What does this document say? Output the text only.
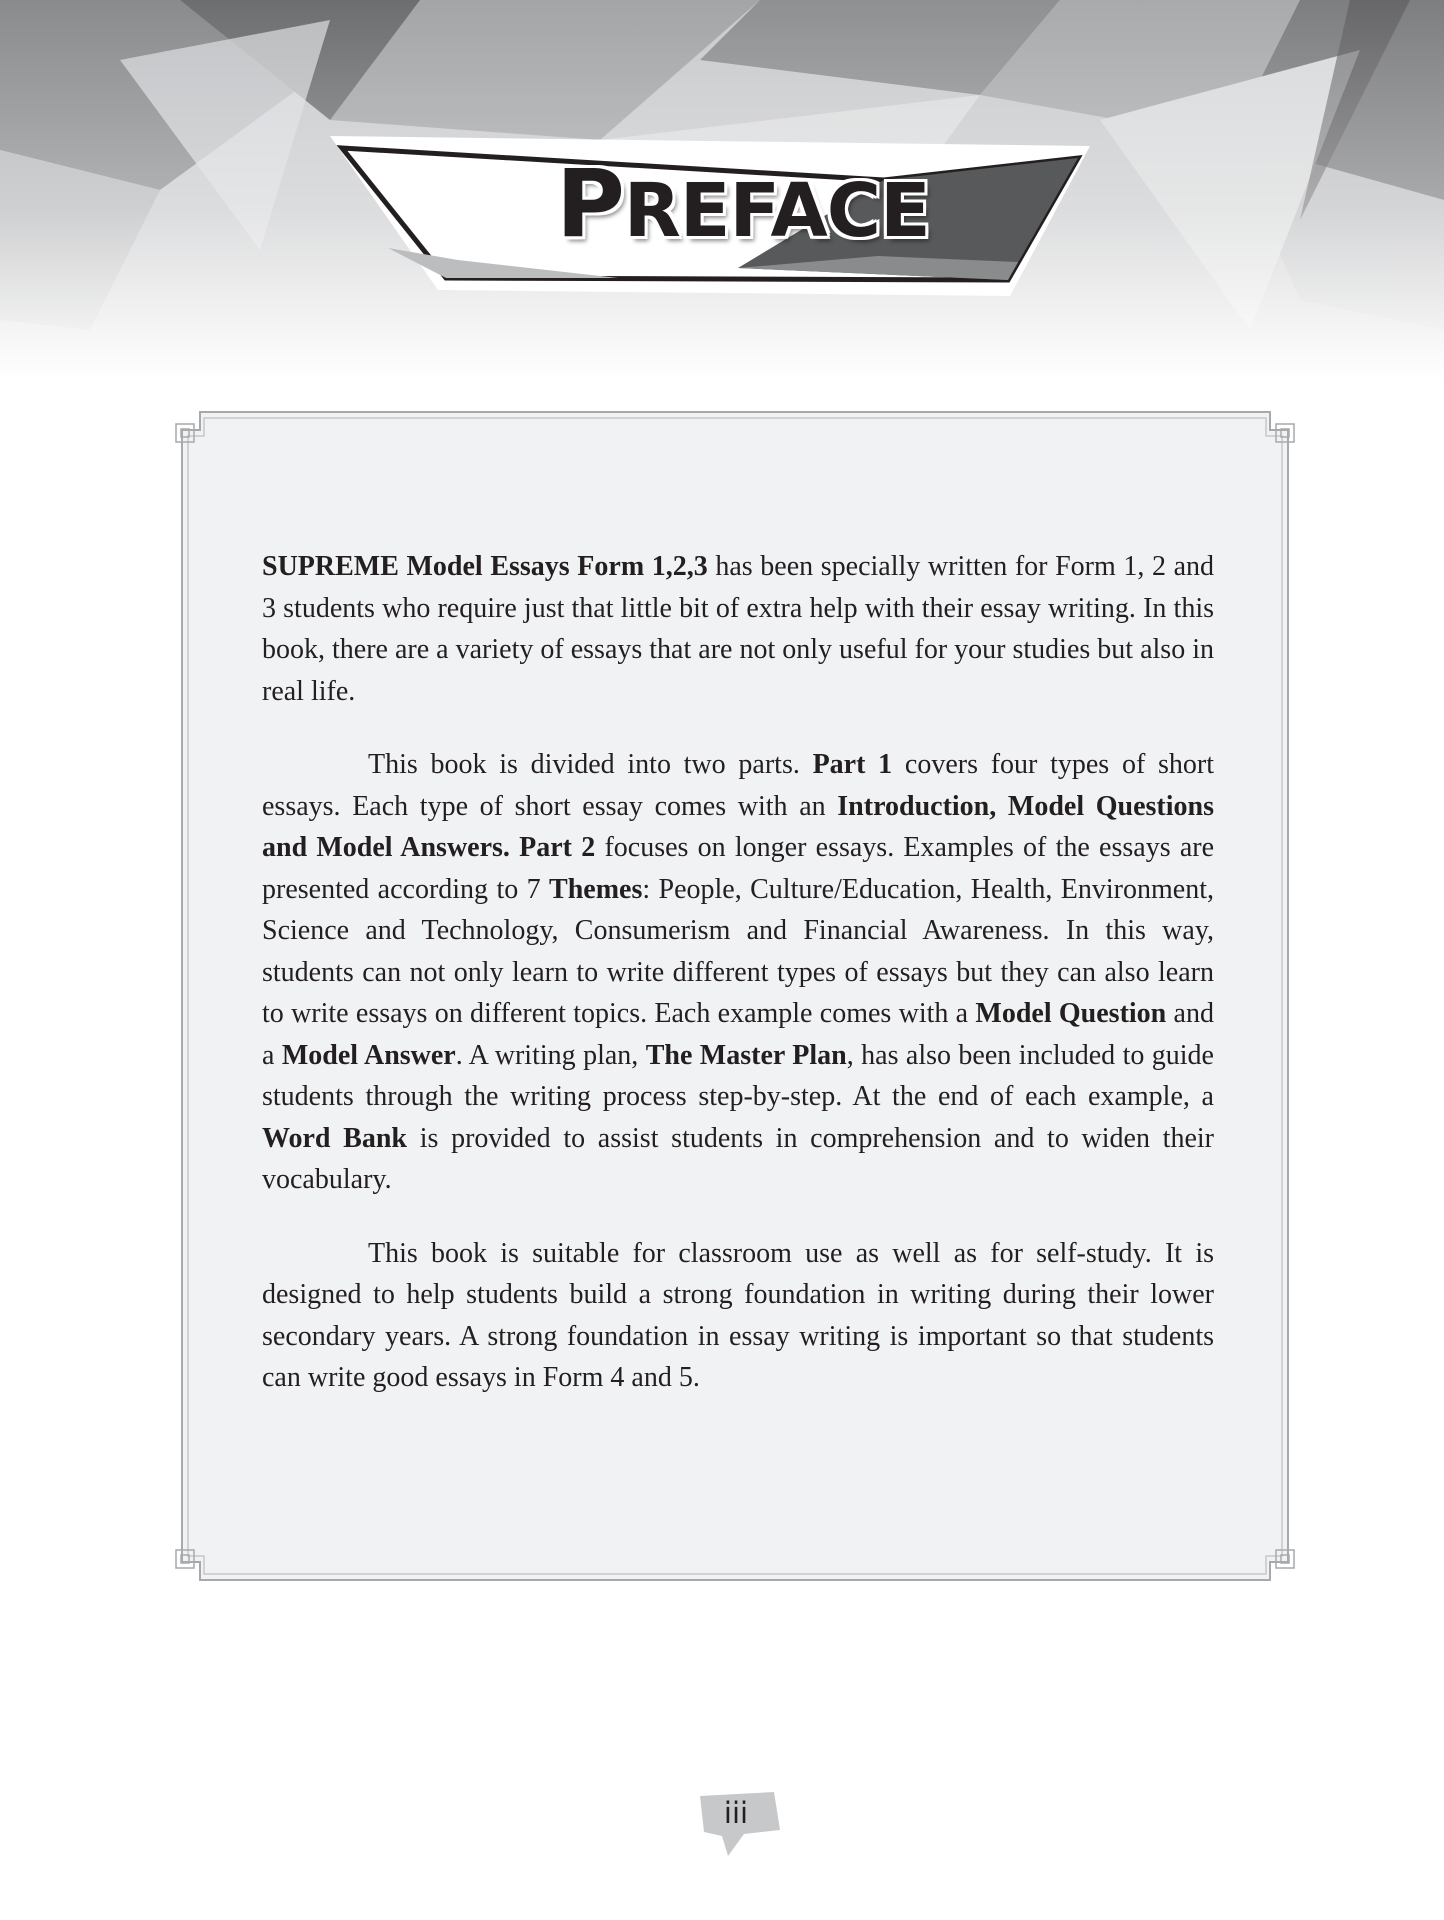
PREFACE

SUPREME Model Essays Form 1,2,3 has been specially written for Form 1, 2 and 3 students who require just that little bit of extra help with their essay writing. In this book, there are a variety of essays that are not only useful for your studies but also in real life.

This book is divided into two parts. Part 1 covers four types of short essays. Each type of short essay comes with an Introduction, Model Questions and Model Answers. Part 2 focuses on longer essays. Examples of the essays are presented according to 7 Themes: People, Culture/Education, Health, Environment, Science and Technology, Consumerism and Financial Awareness. In this way, students can not only learn to write different types of essays but they can also learn to write essays on different topics. Each example comes with a Model Question and a Model Answer. A writing plan, The Master Plan, has also been included to guide students through the writing process step-by-step. At the end of each example, a Word Bank is provided to assist students in comprehension and to widen their vocabulary.

This book is suitable for classroom use as well as for self-study. It is designed to help students build a strong foundation in writing during their lower secondary years. A strong foundation in essay writing is important so that students can write good essays in Form 4 and 5.

iii
